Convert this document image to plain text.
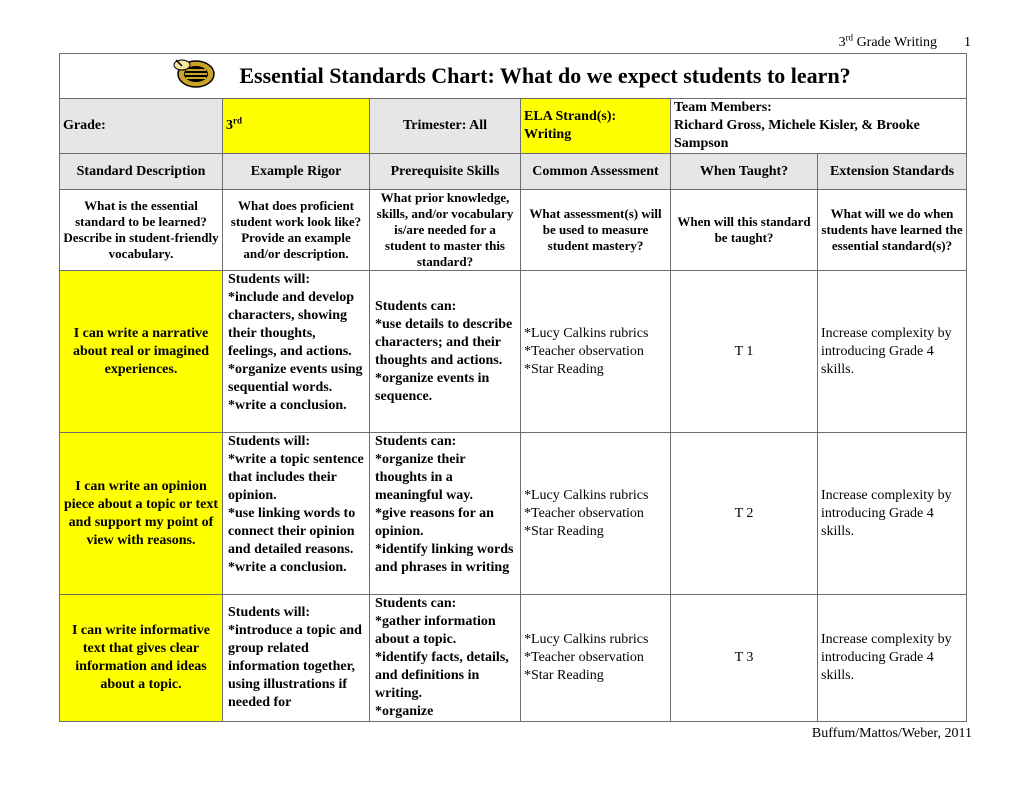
3rd Grade Writing 1
Essential Standards Chart: What do we expect students to learn?					

Grade:	3rd	Trimester: All	ELA Strand(s):
Writing	Team Members:
Richard Gross, Michele Kisler, & Brooke Sampson	

Standard Description	Example Rigor	Prerequisite Skills	Common Assessment	When Taught?	Extension Standards
What is the essential standard to be learned? Describe in student-friendly vocabulary.	What does proficient student work look like? Provide an example and/or description.	What prior knowledge, skills, and/or vocabulary is/are needed for a student to master this standard?	What assessment(s) will be used to measure student mastery?	When will this standard be taught?	What will we do when students have learned the essential standard(s)?
I can write a narrative about real or imagined experiences.	Students will:
*include and develop characters, showing their thoughts, feelings, and actions.
*organize events using sequential words.
*write a conclusion.	Students can:
*use details to describe characters; and their thoughts and actions.
*organize events in sequence.	*Lucy Calkins rubrics
*Teacher observation
*Star Reading	T 1	Increase complexity by introducing Grade 4 skills.
I can write an opinion piece about a topic or text and support my point of view with reasons.	Students will:
*write a topic sentence that includes their opinion.
*use linking words to connect their opinion and detailed reasons.
*write a conclusion.	Students can:
*organize their thoughts in a meaningful way.
*give reasons for an opinion.
*identify linking words and phrases in writing	*Lucy Calkins rubrics
*Teacher observation
*Star Reading	T 2	Increase complexity by introducing Grade 4 skills.
I can write informative text that gives clear information and ideas about a topic.	Students will:
*introduce a topic and group related information together, using illustrations if needed for	Students can:
*gather information about a topic.
*identify facts, details, and definitions in writing.
*organize	*Lucy Calkins rubrics
*Teacher observation
*Star Reading	T 3	Increase complexity by introducing Grade 4 skills.
Buffum/Mattos/Weber, 2011
